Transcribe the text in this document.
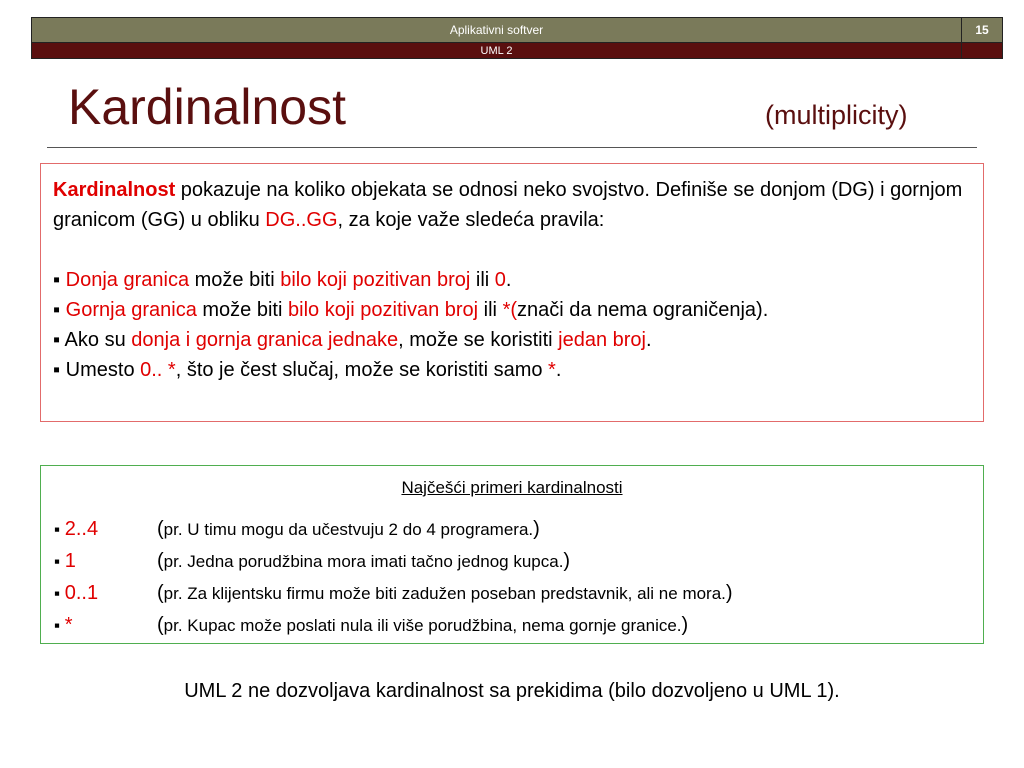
Aplikativni softver	15
UML 2
Kardinalnost	(multiplicity)
Kardinalnost pokazuje na koliko objekata se odnosi neko svojstvo. Definiše se donjom (DG) i gornjom granicom (GG) u obliku DG..GG, za koje važe sledeća pravila:
▪ Donja granica može biti bilo koji pozitivan broj ili 0.
▪ Gornja granica može biti bilo koji pozitivan broj ili *(znači da nema ograničenja).
▪ Ako su donja i gornja granica jednake, može se koristiti jedan broj.
▪ Umesto 0.. *, što je čest slučaj, može se koristiti samo *.
Najčešći primeri kardinalnosti
▪ 2..4	(pr. U timu mogu da učestvuju 2 do 4 programera.)
▪ 1	(pr. Jedna porudžbina mora imati tačno jednog kupca.)
▪ 0..1	(pr. Za klijentsku firmu može biti zadužen poseban predstavnik, ali ne mora.)
▪ *	(pr. Kupac može poslati nula ili više porudžbina, nema gornje granice.)
UML 2 ne dozvoljava kardinalnost sa prekidima (bilo dozvoljeno u UML 1).
